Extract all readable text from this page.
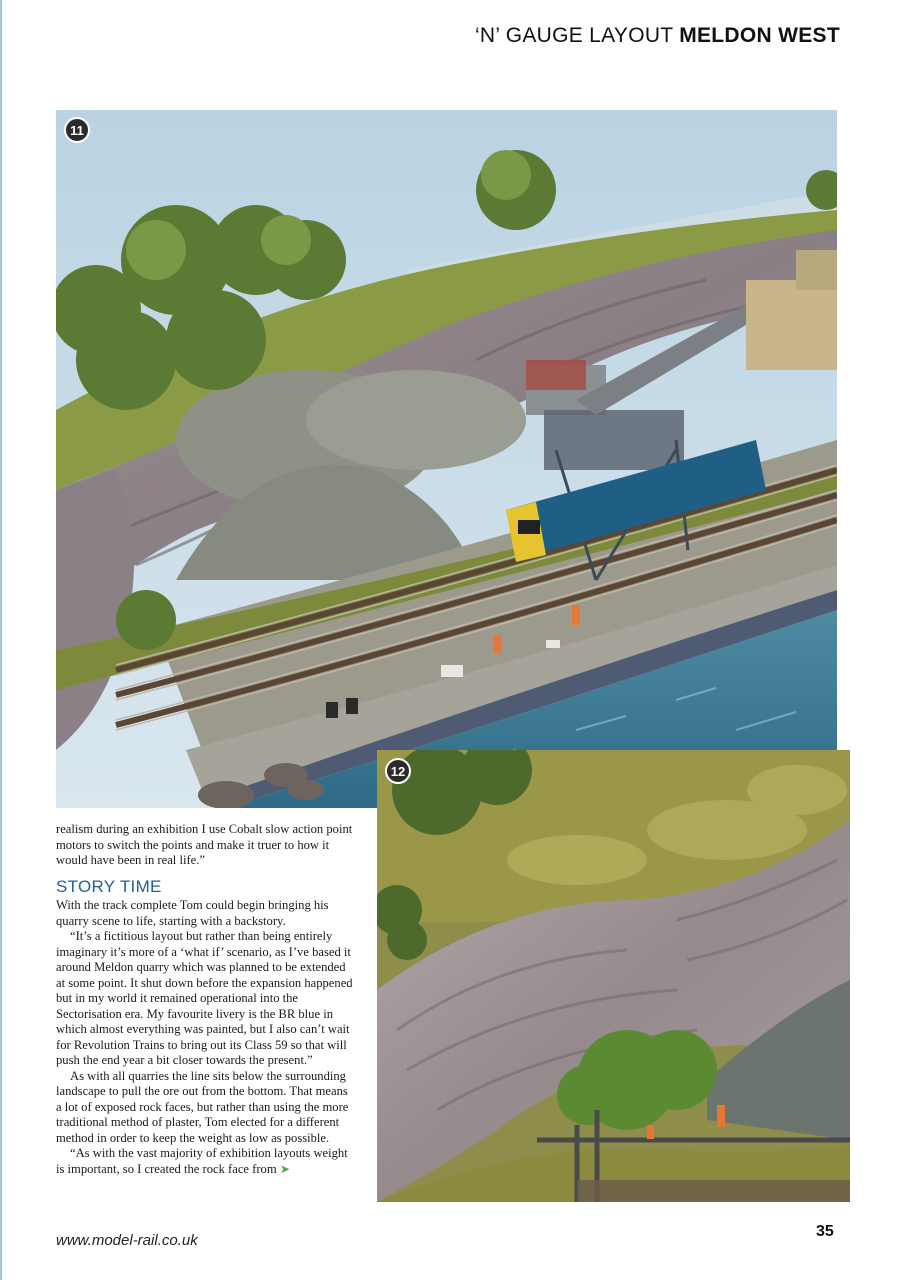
‘N’ GAUGE LAYOUT MELDON WEST
11
12

realism during an exhibition I use Cobalt slow action point motors to switch the points and make it truer to how it would have been in real life.”

STORY TIME

With the track complete Tom could begin bringing his quarry scene to life, starting with a backstory.

“It’s a fictitious layout but rather than being entirely imaginary it’s more of a ‘what if’ scenario, as I’ve based it around Meldon quarry which was planned to be extended at some point. It shut down before the expansion happened but in my world it remained operational into the Sectorisation era. My favourite livery is the BR blue in which almost everything was painted, but I also can’t wait for Revolution Trains to bring out its Class 59 so that will push the end year a bit closer towards the present.”

As with all quarries the line sits below the surrounding landscape to pull the ore out from the bottom. That means a lot of exposed rock faces, but rather than using the more traditional method of plaster, Tom elected for a different method in order to keep the weight as low as possible.

“As with the vast majority of exhibition layouts weight is important, so I created the rock face from ➤

www.model-rail.co.uk
35
